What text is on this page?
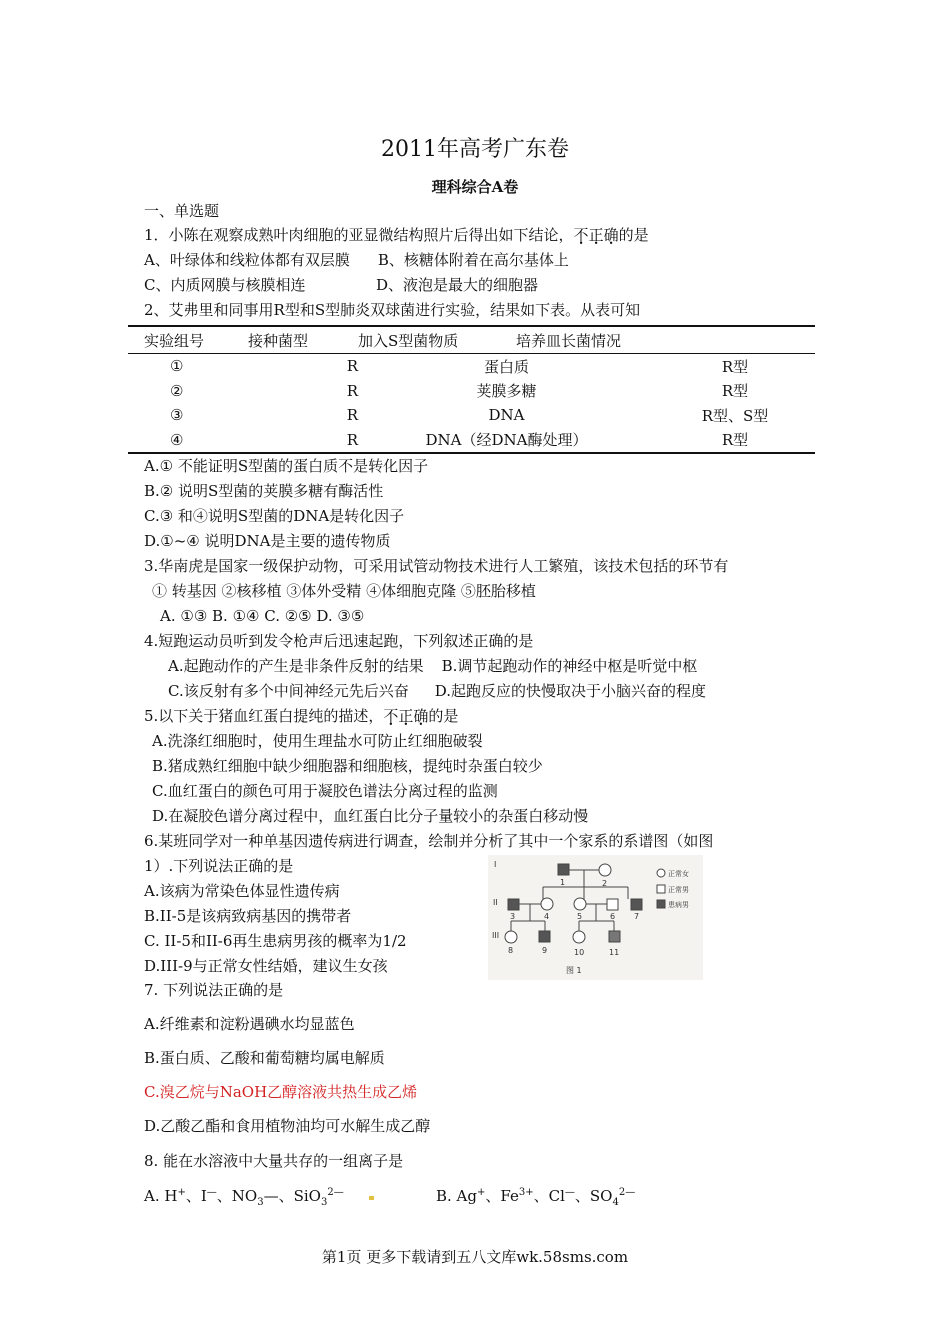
2011年高考广东卷
理科综合A卷
一、单选题
1．小陈在观察成熟叶肉细胞的亚显微结构照片后得出如下结论，不正确的是
A、叶绿体和线粒体都有双层膜 B、核糖体附着在高尔基体上
C、内质网膜与核膜相连	D、液泡是最大的细胞器
2、艾弗里和同事用R型和S型肺炎双球菌进行实验，结果如下表。从表可知
实验组号	接种菌型	加入S型菌物质	培养皿长菌情况	
①	R	蛋白质		R型
②	R	荚膜多糖		R型
③	R	DNA		R型、S型
④	R	DNA（经DNA酶处理）		R型
A.① 不能证明S型菌的蛋白质不是转化因子
B.② 说明S型菌的荚膜多糖有酶活性
C.③ 和④说明S型菌的DNA是转化因子
D.①~④ 说明DNA是主要的遗传物质
3.华南虎是国家一级保护动物，可采用试管动物技术进行人工繁殖，该技术包括的环节有
① 转基因 ②核移植 ③体外受精 ④体细胞克隆 ⑤胚胎移植
A. ①③ B. ①④ C. ②⑤ D. ③⑤
4.短跑运动员听到发令枪声后迅速起跑，下列叙述正确的是
A.起跑动作的产生是非条件反射的结果 B.调节起跑动作的神经中枢是听觉中枢
C.该反射有多个中间神经元先后兴奋 D.起跑反应的快慢取决于小脑兴奋的程度
5.以下关于猪血红蛋白提纯的描述，不正确的是
A.洗涤红细胞时，使用生理盐水可防止红细胞破裂
B.猪成熟红细胞中缺少细胞器和细胞核，提纯时杂蛋白较少
C.血红蛋白的颜色可用于凝胶色谱法分离过程的监测
D.在凝胶色谱分离过程中，血红蛋白比分子量较小的杂蛋白移动慢
6.某班同学对一种单基因遗传病进行调查，绘制并分析了其中一个家系的系谱图（如图
1）.下列说法正确的是
A.该病为常染色体显性遗传病
B.II-5是该病致病基因的携带者
C. II-5和II-6再生患病男孩的概率为1/2
D.III-9与正常女性结婚，建议生女孩
I
II
III
1	2
3	4	5	6 7
8	9	10	11
正常女
正常男
患病男
图 1
7. 下列说法正确的是
A.纤维素和淀粉遇碘水均显蓝色
B.蛋白质、乙酸和葡萄糖均属电解质
C.溴乙烷与NaOH乙醇溶液共热生成乙烯
D.乙酸乙酯和食用植物油均可水解生成乙醇
8. 能在水溶液中大量共存的一组离子是
A. H+、I—、$NO_3—$、SiO$_3^{2—}$	B. Ag+、$Fe^{3+}$、Cl—、$SO_4^{2—}$
第1页 更多下载请到五八文库wk.58sms.com
